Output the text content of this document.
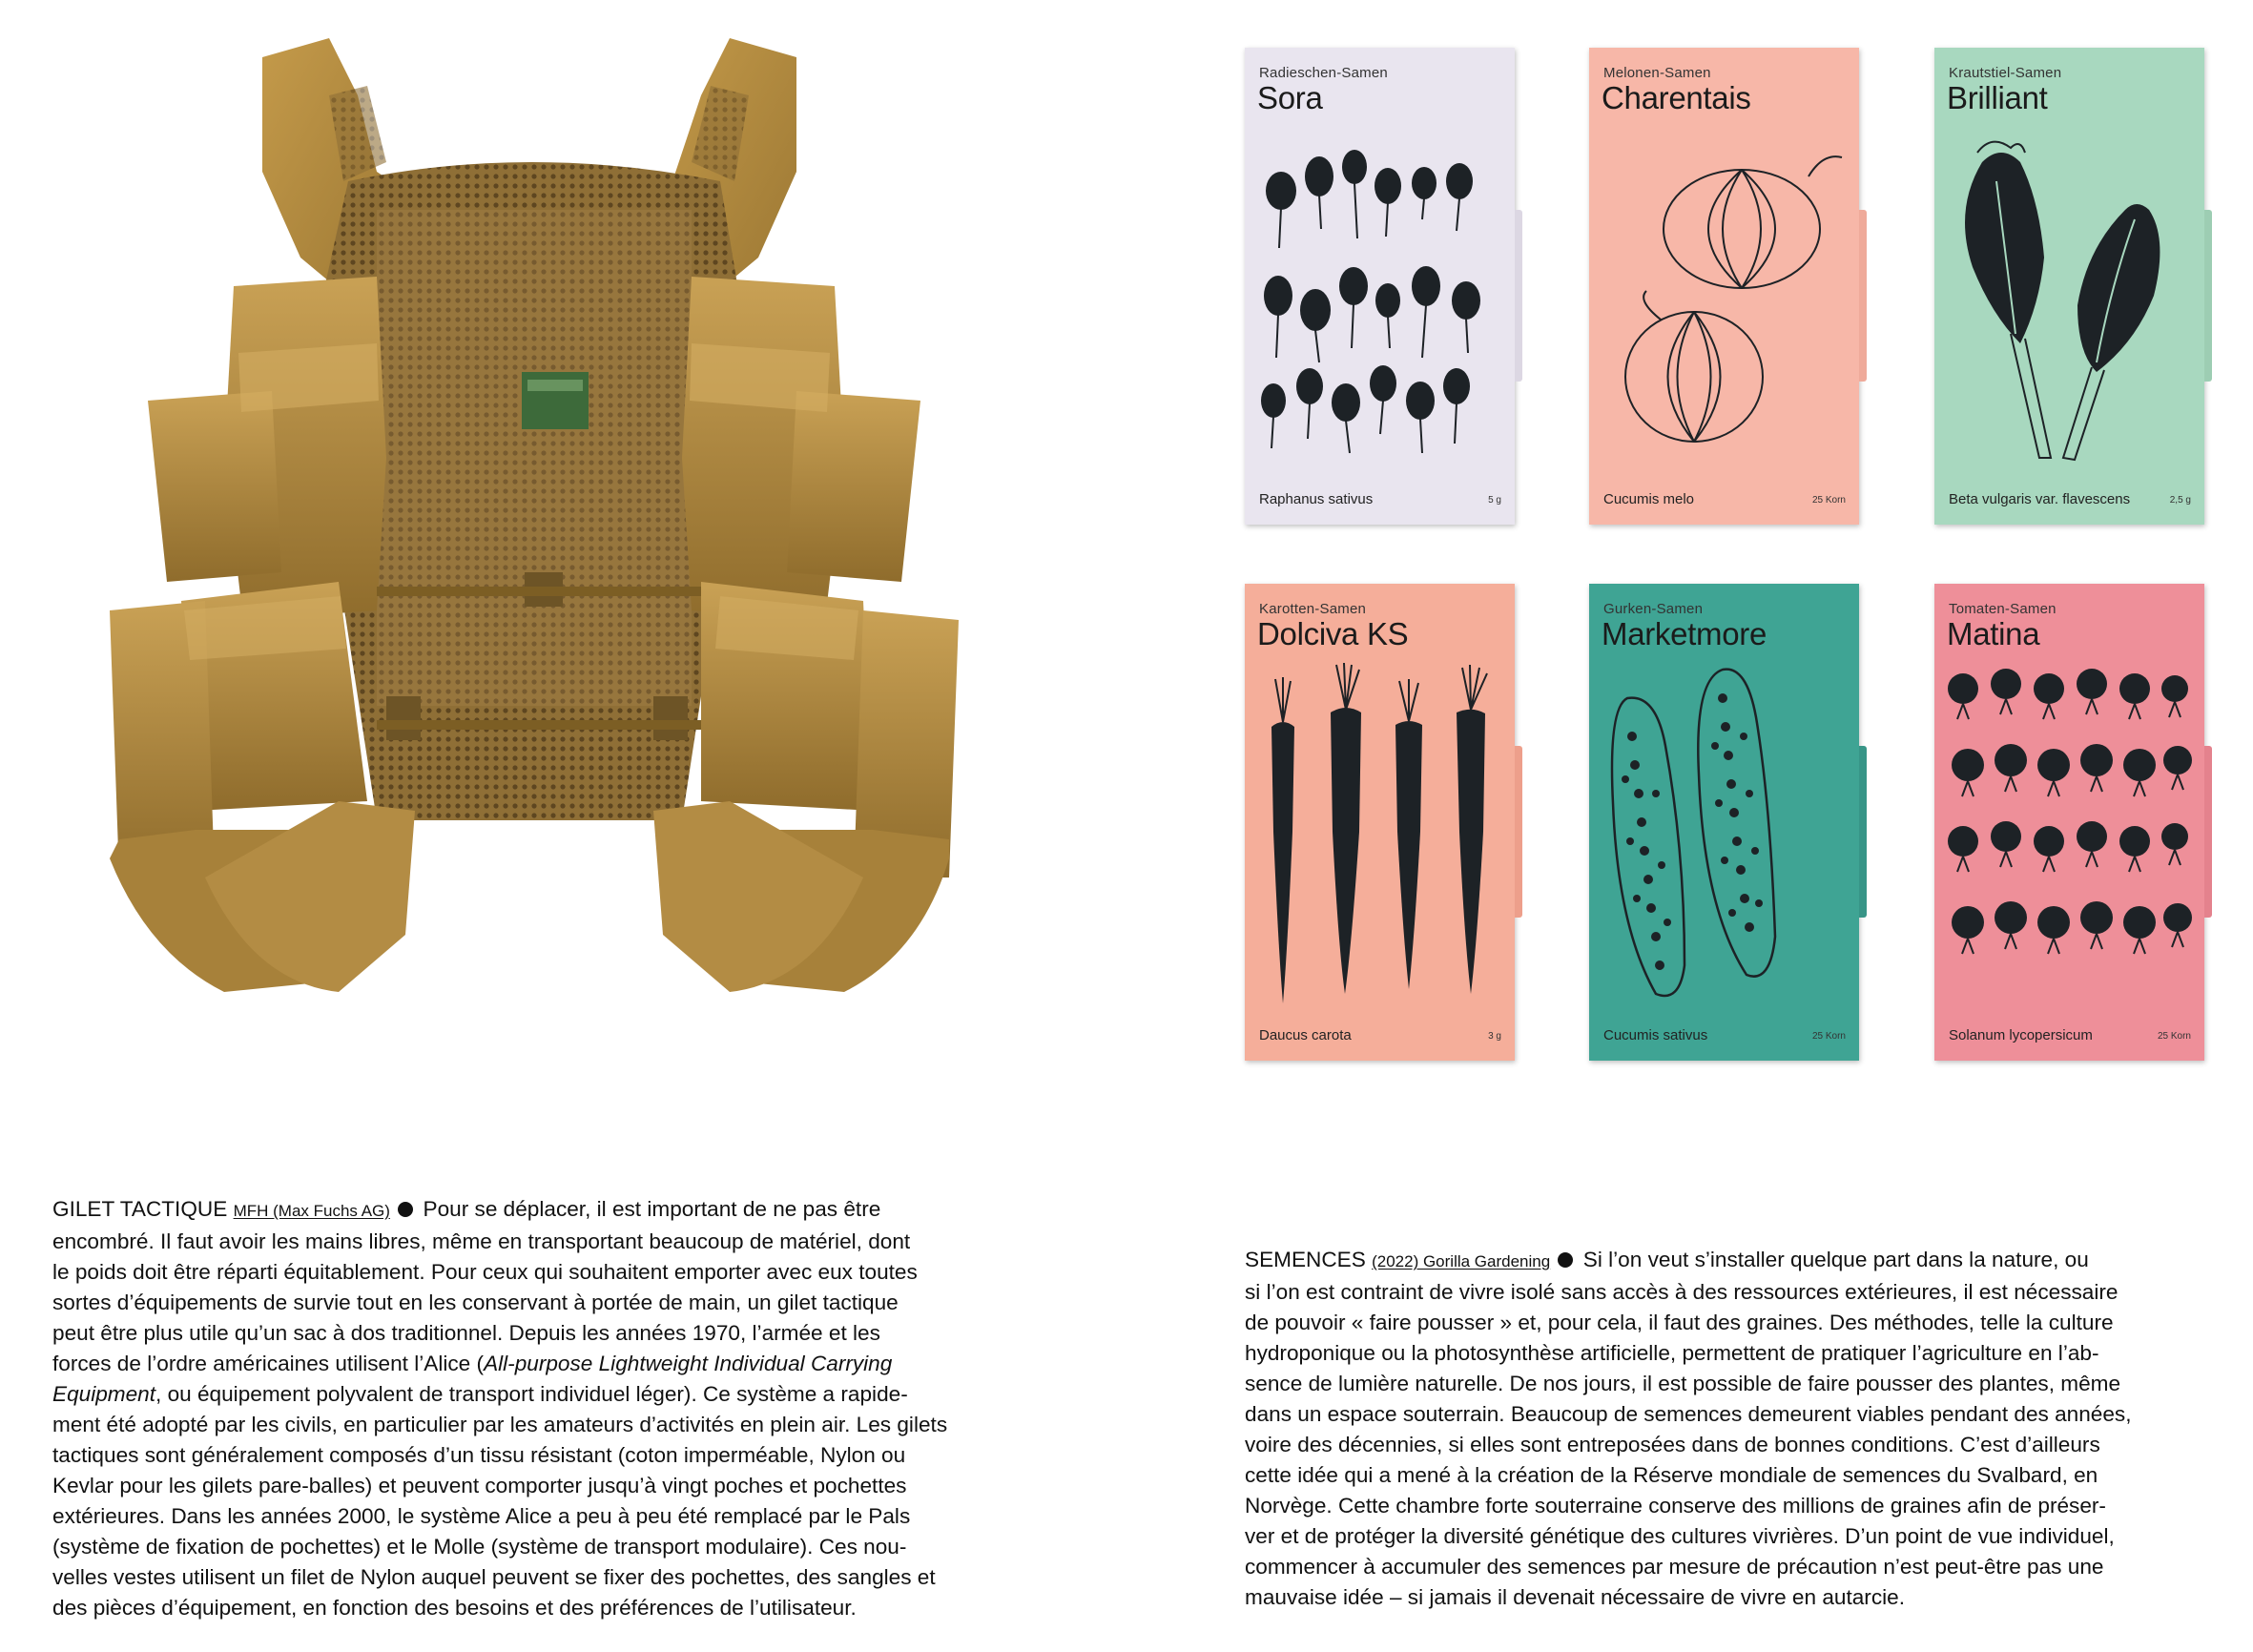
GILET TACTIQUE MFH (Max Fuchs AG) Pour se déplacer, il est important de ne pas être
encombré. Il faut avoir les mains libres, même en transportant beaucoup de matériel, dont
le poids doit être réparti équitablement. Pour ceux qui souhaitent emporter avec eux toutes
sortes d’équipements de survie tout en les conservant à portée de main, un gilet tactique
peut être plus utile qu’un sac à dos traditionnel. Depuis les années 1970, l’armée et les
forces de l’ordre américaines utilisent l’Alice (All-purpose Lightweight Individual Carrying
Equipment, ou équipement polyvalent de transport individuel léger). Ce système a rapide-
ment été adopté par les civils, en particulier par les amateurs d’activités en plein air. Les gilets
tactiques sont généralement composés d’un tissu résistant (coton imperméable, Nylon ou
Kevlar pour les gilets pare-balles) et peuvent comporter jusqu’à vingt poches et pochettes
extérieures. Dans les années 2000, le système Alice a peu à peu été remplacé par le Pals
(système de fixation de pochettes) et le Molle (système de transport modulaire). Ces nou-
velles vestes utilisent un filet de Nylon auquel peuvent se fixer des pochettes, des sangles et
des pièces d’équipement, en fonction des besoins et des préférences de l’utilisateur.
Radieschen-Samen
Sora
Raphanus sativus	5 g
Melonen-Samen
Charentais
Cucumis melo	25 Korn
Krautstiel-Samen
Brilliant
Beta vulgaris var. flavescens	2,5 g
Karotten-Samen
Dolciva KS
Daucus carota	3 g
Gurken-Samen
Marketmore
Cucumis sativus	25 Korn
Tomaten-Samen
Matina
Solanum lycopersicum	25 Korn
SEMENCES (2022) Gorilla Gardening Si l’on veut s’installer quelque part dans la nature, ou
si l’on est contraint de vivre isolé sans accès à des ressources extérieures, il est nécessaire
de pouvoir « faire pousser » et, pour cela, il faut des graines. Des méthodes, telle la culture
hydroponique ou la photosynthèse artificielle, permettent de pratiquer l’agriculture en l’ab-
sence de lumière naturelle. De nos jours, il est possible de faire pousser des plantes, même
dans un espace souterrain. Beaucoup de semences demeurent viables pendant des années,
voire des décennies, si elles sont entreposées dans de bonnes conditions. C’est d’ailleurs
cette idée qui a mené à la création de la Réserve mondiale de semences du Svalbard, en
Norvège. Cette chambre forte souterraine conserve des millions de graines afin de préser-
ver et de protéger la diversité génétique des cultures vivrières. D’un point de vue individuel,
commencer à accumuler des semences par mesure de précaution n’est peut-être pas une
mauvaise idée – si jamais il devenait nécessaire de vivre en autarcie.
